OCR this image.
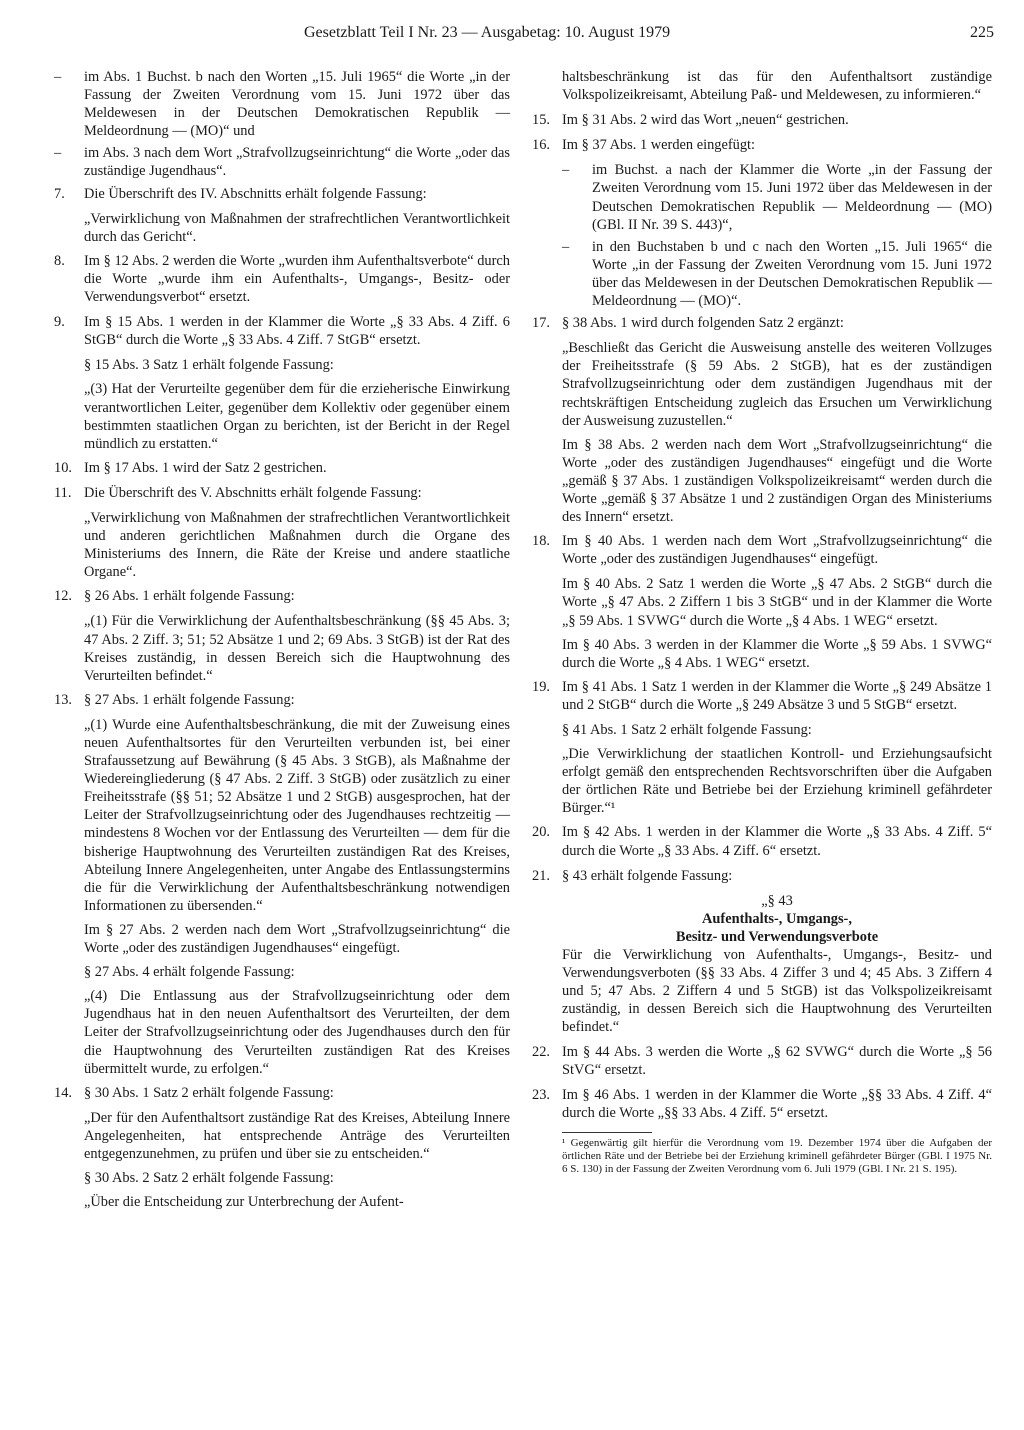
Gesetzblatt Teil I Nr. 23 — Ausgabetag: 10. August 1979	225
– im Abs. 1 Buchst. b nach den Worten „15. Juli 1965“ die Worte „in der Fassung der Zweiten Verordnung vom 15. Juni 1972 über das Meldewesen in der Deutschen Demokratischen Republik — Meldeordnung — (MO)“ und
– im Abs. 3 nach dem Wort „Strafvollzugseinrichtung“ die Worte „oder das zuständige Jugendhaus“.
7. Die Überschrift des IV. Abschnitts erhält folgende Fassung:
„Verwirklichung von Maßnahmen der strafrechtlichen Verantwortlichkeit durch das Gericht“.
8. Im § 12 Abs. 2 werden die Worte „wurden ihm Aufenthaltsverbote“ durch die Worte „wurde ihm ein Aufenthalts-, Umgangs-, Besitz- oder Verwendungsverbot“ ersetzt.
9. Im § 15 Abs. 1 werden in der Klammer die Worte „§ 33 Abs. 4 Ziff. 6 StGB“ durch die Worte „§ 33 Abs. 4 Ziff. 7 StGB“ ersetzt.
§ 15 Abs. 3 Satz 1 erhält folgende Fassung:
„(3) Hat der Verurteilte gegenüber dem für die erzieherische Einwirkung verantwortlichen Leiter, gegenüber dem Kollektiv oder gegenüber einem bestimmten staatlichen Organ zu berichten, ist der Bericht in der Regel mündlich zu erstatten.“
10. Im § 17 Abs. 1 wird der Satz 2 gestrichen.
11. Die Überschrift des V. Abschnitts erhält folgende Fassung:
„Verwirklichung von Maßnahmen der strafrechtlichen Verantwortlichkeit und anderen gerichtlichen Maßnahmen durch die Organe des Ministeriums des Innern, die Räte der Kreise und andere staatliche Organe“.
12. § 26 Abs. 1 erhält folgende Fassung:
„(1) Für die Verwirklichung der Aufenthaltsbeschränkung (§§ 45 Abs. 3; 47 Abs. 2 Ziff. 3; 51; 52 Absätze 1 und 2; 69 Abs. 3 StGB) ist der Rat des Kreises zuständig, in dessen Bereich sich die Hauptwohnung des Verurteilten befindet.“
13. § 27 Abs. 1 erhält folgende Fassung:
„(1) Wurde eine Aufenthaltsbeschränkung, die mit der Zuweisung eines neuen Aufenthaltsortes für den Verurteilten verbunden ist, bei einer Strafaussetzung auf Bewährung (§ 45 Abs. 3 StGB), als Maßnahme der Wiedereingliederung (§ 47 Abs. 2 Ziff. 3 StGB) oder zusätzlich zu einer Freiheitsstrafe (§§ 51; 52 Absätze 1 und 2 StGB) ausgesprochen, hat der Leiter der Strafvollzugseinrichtung oder des Jugendhauses rechtzeitig — mindestens 8 Wochen vor der Entlassung des Verurteilten — dem für die bisherige Hauptwohnung des Verurteilten zuständigen Rat des Kreises, Abteilung Innere Angelegenheiten, unter Angabe des Entlassungstermins die für die Verwirklichung der Aufenthaltsbeschränkung notwendigen Informationen zu übersenden.“
Im § 27 Abs. 2 werden nach dem Wort „Strafvollzugseinrichtung“ die Worte „oder des zuständigen Jugendhauses“ eingefügt.
§ 27 Abs. 4 erhält folgende Fassung:
„(4) Die Entlassung aus der Strafvollzugseinrichtung oder dem Jugendhaus hat in den neuen Aufenthaltsort des Verurteilten, der dem Leiter der Strafvollzugseinrichtung oder des Jugendhauses durch den für die Hauptwohnung des Verurteilten zuständigen Rat des Kreises übermittelt wurde, zu erfolgen.“
14. § 30 Abs. 1 Satz 2 erhält folgende Fassung:
„Der für den Aufenthaltsort zuständige Rat des Kreises, Abteilung Innere Angelegenheiten, hat entsprechende Anträge des Verurteilten entgegenzunehmen, zu prüfen und über sie zu entscheiden.“
§ 30 Abs. 2 Satz 2 erhält folgende Fassung:
„Über die Entscheidung zur Unterbrechung der Aufent-
haltsbeschränkung ist das für den Aufenthaltsort zuständige Volkspolizeikreisamt, Abteilung Paß- und Meldewesen, zu informieren.“
15. Im § 31 Abs. 2 wird das Wort „neuen“ gestrichen.
16. Im § 37 Abs. 1 werden eingefügt:
– im Buchst. a nach der Klammer die Worte „in der Fassung der Zweiten Verordnung vom 15. Juni 1972 über das Meldewesen in der Deutschen Demokratischen Republik — Meldeordnung — (MO) (GBl. II Nr. 39 S. 443)“,
– in den Buchstaben b und c nach den Worten „15. Juli 1965“ die Worte „in der Fassung der Zweiten Verordnung vom 15. Juni 1972 über das Meldewesen in der Deutschen Demokratischen Republik — Meldeordnung — (MO)“.
17. § 38 Abs. 1 wird durch folgenden Satz 2 ergänzt:
„Beschließt das Gericht die Ausweisung anstelle des weiteren Vollzuges der Freiheitsstrafe (§ 59 Abs. 2 StGB), hat es der zuständigen Strafvollzugseinrichtung oder dem zuständigen Jugendhaus mit der rechtskräftigen Entscheidung zugleich das Ersuchen um Verwirklichung der Ausweisung zuzustellen.“
Im § 38 Abs. 2 werden nach dem Wort „Strafvollzugseinrichtung“ die Worte „oder des zuständigen Jugendhauses“ eingefügt und die Worte „gemäß § 37 Abs. 1 zuständigen Volkspolizeikreisamt“ werden durch die Worte „gemäß § 37 Absätze 1 und 2 zuständigen Organ des Ministeriums des Innern“ ersetzt.
18. Im § 40 Abs. 1 werden nach dem Wort „Strafvollzugseinrichtung“ die Worte „oder des zuständigen Jugendhauses“ eingefügt.
Im § 40 Abs. 2 Satz 1 werden die Worte „§ 47 Abs. 2 StGB“ durch die Worte „§ 47 Abs. 2 Ziffern 1 bis 3 StGB“ und in der Klammer die Worte „§ 59 Abs. 1 SVWG“ durch die Worte „§ 4 Abs. 1 WEG“ ersetzt.
Im § 40 Abs. 3 werden in der Klammer die Worte „§ 59 Abs. 1 SVWG“ durch die Worte „§ 4 Abs. 1 WEG“ ersetzt.
19. Im § 41 Abs. 1 Satz 1 werden in der Klammer die Worte „§ 249 Absätze 1 und 2 StGB“ durch die Worte „§ 249 Absätze 3 und 5 StGB“ ersetzt.
§ 41 Abs. 1 Satz 2 erhält folgende Fassung:
„Die Verwirklichung der staatlichen Kontroll- und Erziehungsaufsicht erfolgt gemäß den entsprechenden Rechtsvorschriften über die Aufgaben der örtlichen Räte und Betriebe bei der Erziehung kriminell gefährdeter Bürger.“¹
20. Im § 42 Abs. 1 werden in der Klammer die Worte „§ 33 Abs. 4 Ziff. 5“ durch die Worte „§ 33 Abs. 4 Ziff. 6“ ersetzt.
21. § 43 erhält folgende Fassung:
„§ 43
Aufenthalts-, Umgangs-,
Besitz- und Verwendungsverbote
Für die Verwirklichung von Aufenthalts-, Umgangs-, Besitz- und Verwendungsverboten (§§ 33 Abs. 4 Ziffer 3 und 4; 45 Abs. 3 Ziffern 4 und 5; 47 Abs. 2 Ziffern 4 und 5 StGB) ist das Volkspolizeikreisamt zuständig, in dessen Bereich sich die Hauptwohnung des Verurteilten befindet.“
22. Im § 44 Abs. 3 werden die Worte „§ 62 SVWG“ durch die Worte „§ 56 StVG“ ersetzt.
23. Im § 46 Abs. 1 werden in der Klammer die Worte „§§ 33 Abs. 4 Ziff. 4“ durch die Worte „§§ 33 Abs. 4 Ziff. 5“ ersetzt.
¹ Gegenwärtig gilt hierfür die Verordnung vom 19. Dezember 1974 über die Aufgaben der örtlichen Räte und der Betriebe bei der Erziehung kriminell gefährdeter Bürger (GBl. I 1975 Nr. 6 S. 130) in der Fassung der Zweiten Verordnung vom 6. Juli 1979 (GBl. I Nr. 21 S. 195).
